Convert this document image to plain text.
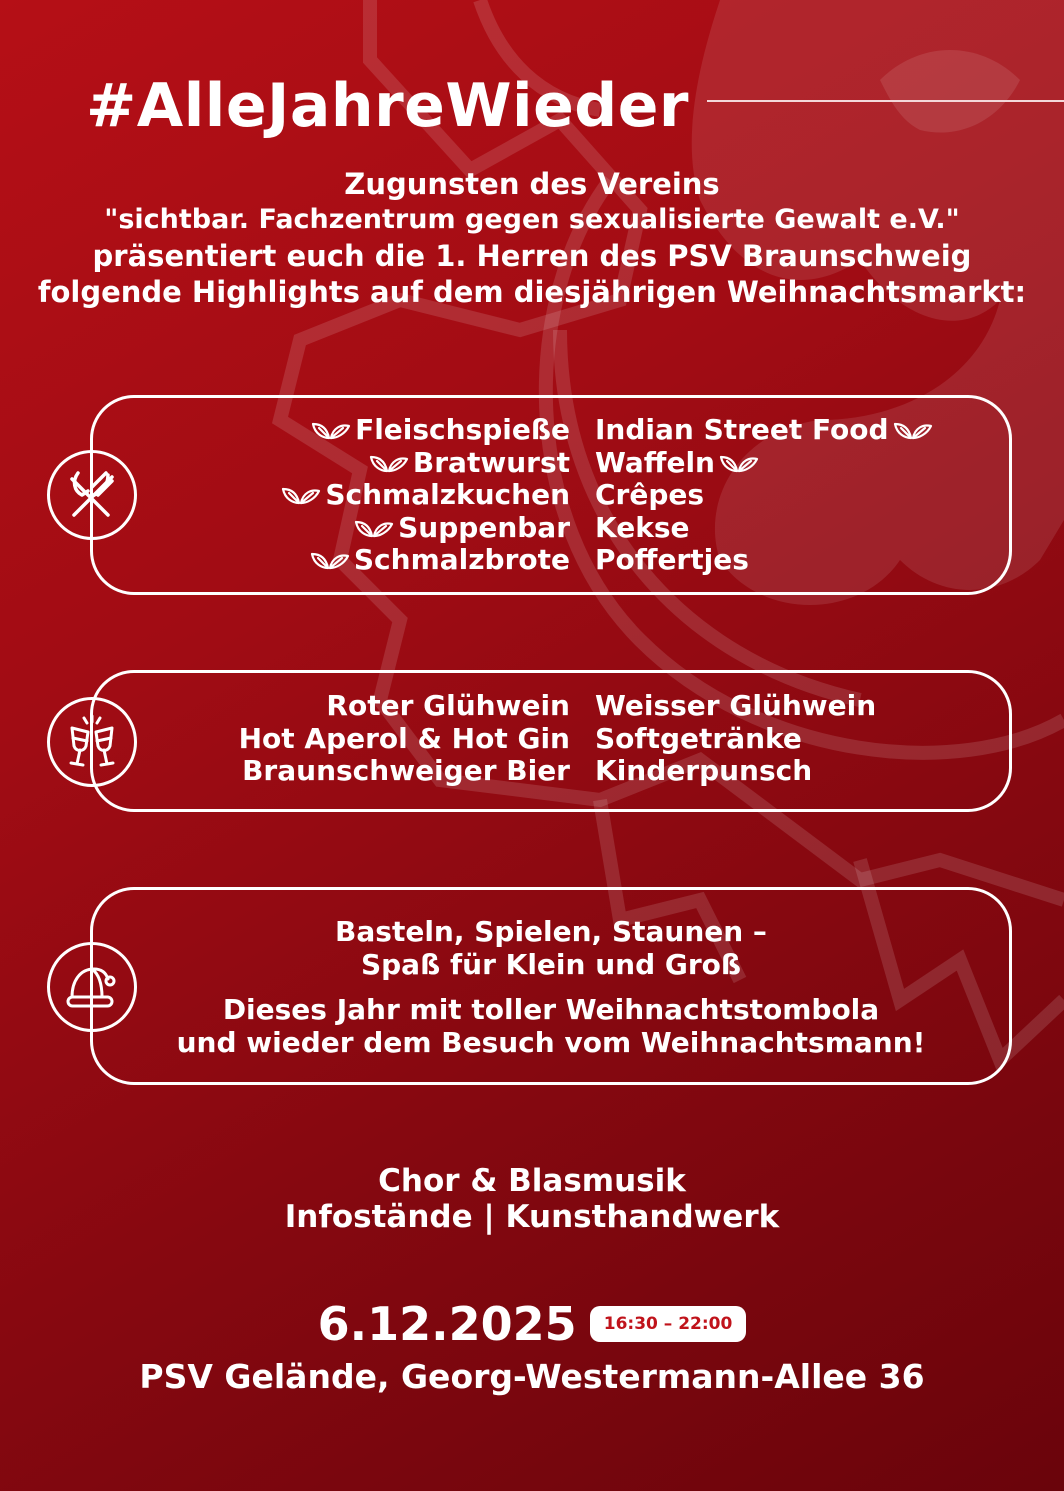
#AlleJahreWieder
Zugunsten des Vereins
"sichtbar. Fachzentrum gegen sexualisierte Gewalt e.V."
präsentiert euch die 1. Herren des PSV Braunschweig
folgende Highlights auf dem diesjährigen Weihnachtsmarkt:
Fleischspieße
Bratwurst
Schmalzkuchen
Suppenbar
Schmalzbrote
Indian Street Food
Waffeln
Crêpes
Kekse
Poffertjes
Roter Glühwein
Hot Aperol & Hot Gin
Braunschweiger Bier
Weisser Glühwein
Softgetränke
Kinderpunsch
Basteln, Spielen, Staunen –
Spaß für Klein und Groß
Dieses Jahr mit toller Weihnachtstombola
und wieder dem Besuch vom Weihnachtsmann!
Chor & Blasmusik
Infostände | Kunsthandwerk
6.12.2025 16:30 – 22:00
PSV Gelände, Georg-Westermann-Allee 36
